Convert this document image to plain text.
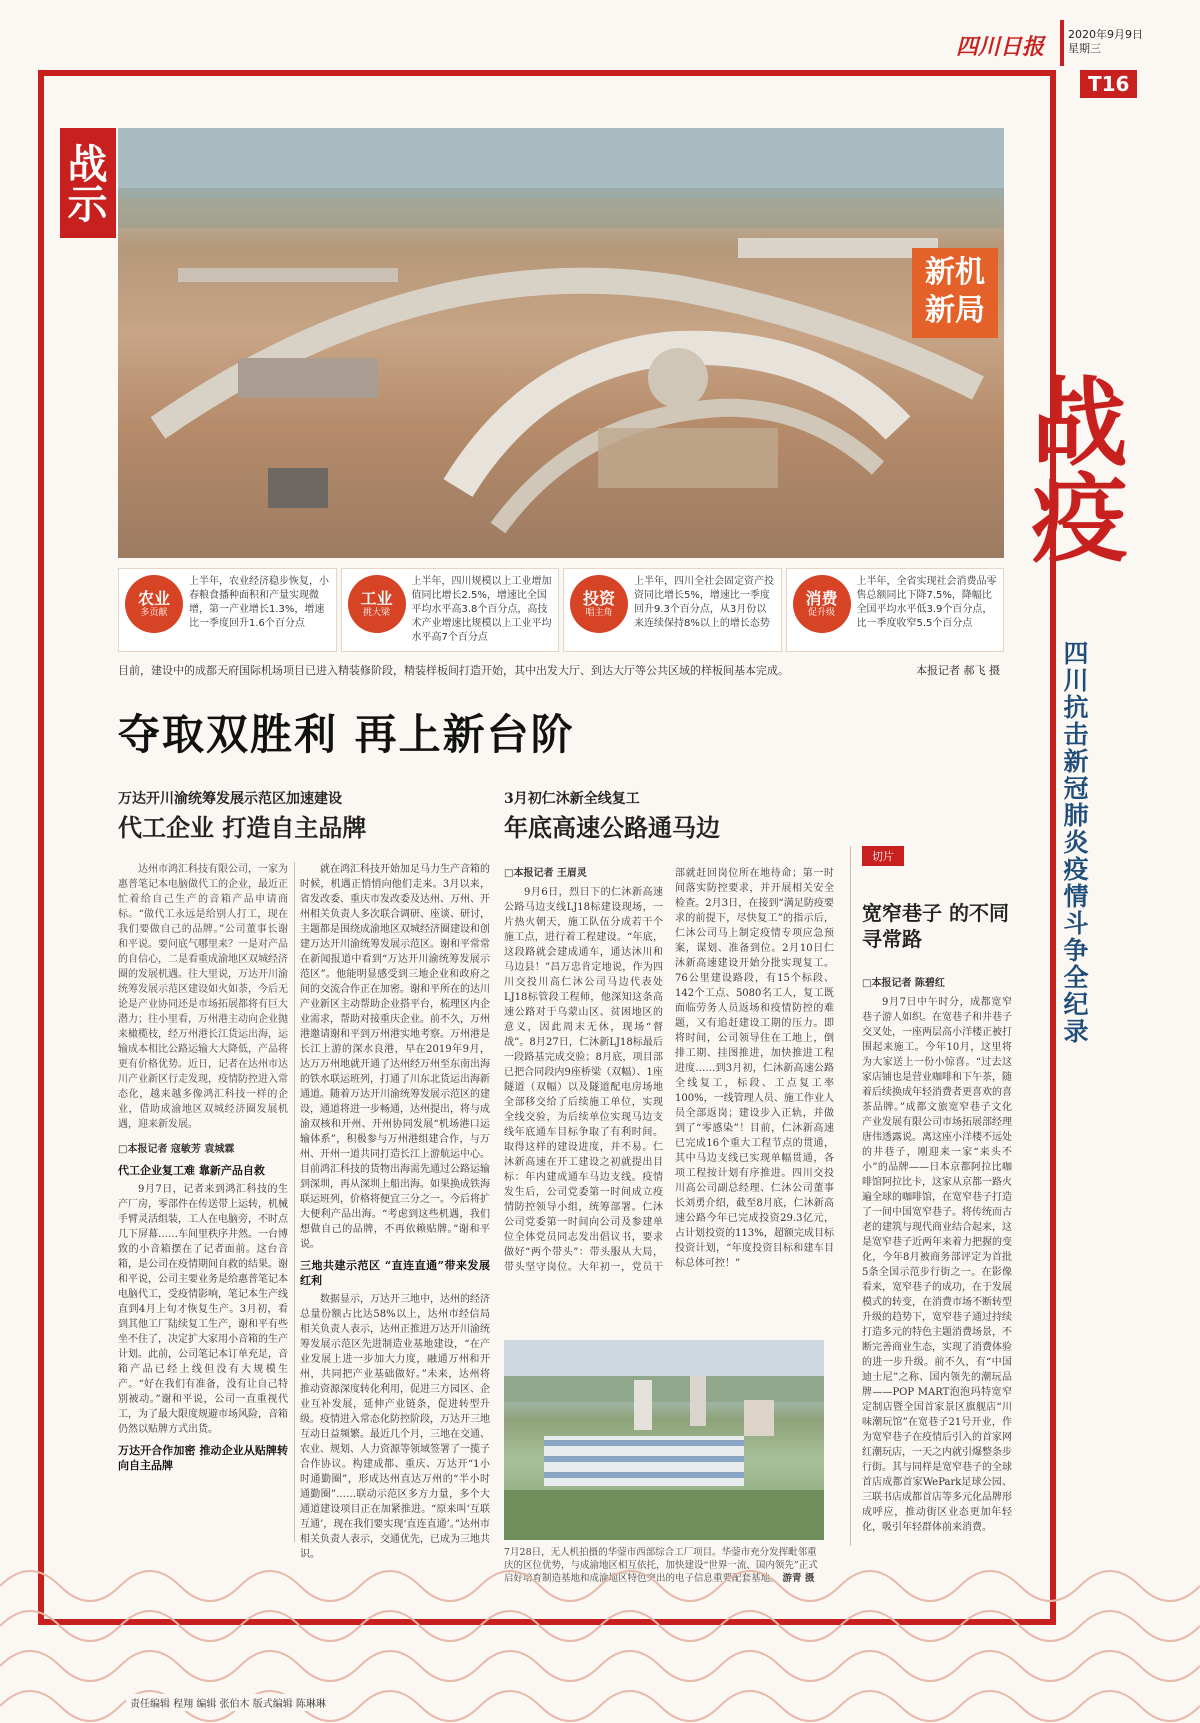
四川日报 2020年9月9日
星期三
T16
战示
新机新局
农业
多贡献
上半年，农业经济稳步恢复，小春粮食播种面积和产量实现微增，第一产业增长1.3%，增速比一季度回升1.6个百分点
工业
挑大梁
上半年，四川规模以上工业增加值同比增长2.5%，增速比全国平均水平高3.8个百分点，高技术产业增速比规模以上工业平均水平高7个百分点
投资
唱主角
上半年，四川全社会固定资产投资同比增长5%，增速比一季度回升9.3个百分点，从3月份以来连续保持8%以上的增长态势
消费
促升级
上半年，全省实现社会消费品零售总额同比下降7.5%，降幅比全国平均水平低3.9个百分点，比一季度收窄5.5个百分点
目前，建设中的成都天府国际机场项目已进入精装修阶段，精装样板间打造开始，其中出发大厅、到达大厅等公共区域的样板间基本完成。	本报记者 郝飞 摄
战疫
四川抗击新冠肺炎疫情斗争全纪录
夺取双胜利 再上新台阶
万达开川渝统筹发展示范区加速建设
代工企业 打造自主品牌

达州市鸿汇科技有限公司，一家为惠普笔记本电脑做代工的企业，最近正忙着给自己生产的音箱产品申请商标。“做代工永远是给别人打工，现在我们要做自己的品牌。”公司董事长谢和平说。要问底气哪里来？一是对产品的自信心，二是看重成渝地区双城经济圈的发展机遇。往大里说，万达开川渝统筹发展示范区建设如火如荼，今后无论是产业协同还是市场拓展都将有巨大潜力；往小里看，万州港主动向企业抛来橄榄枝，经万州港长江货运出海，运输成本相比公路运输大大降低，产品将更有价格优势。近日，记者在达州市达川产业新区行走发现，疫情防控进入常态化，越来越多像鸿汇科技一样的企业，借助成渝地区双城经济圈发展机遇，迎来新发展。

□本报记者 寇敏芳 袁城霖
代工企业复工难 靠新产品自救

9月7日，记者来到鸿汇科技的生产厂房，零部件在传送带上运转，机械手臂灵活组装，工人在电脑旁，不时点几下屏幕……车间里秩序井然。一台博致的小音箱摆在了记者面前。这台音箱，是公司在疫情期间自救的结果。谢和平说，公司主要业务是给惠普笔记本电脑代工，受疫情影响，笔记本生产线直到4月上旬才恢复生产。3月初，看到其他工厂陆续复工生产，谢和平有些坐不住了，决定扩大家用小音箱的生产计划。此前，公司笔记本订单充足，音箱产品已经上线但没有大规模生产。“好在我们有准备，没有让自己特别被动。”谢和平说，公司一直重视代工，为了最大限度规避市场风险，音箱仍然以贴牌方式出货。

万达开合作加密 推动企业从贴牌转向自主品牌

就在鸿汇科技开始加足马力生产音箱的时候，机遇正悄悄向他们走来。3月以来，省发改委、重庆市发改委及达州、万州、开州相关负责人多次联合调研、座谈、研讨，主题都是围绕成渝地区双城经济圈建设和创建万达开川渝统筹发展示范区。谢和平常常在新闻报道中看到“万达开川渝统筹发展示范区”。他能明显感受到三地企业和政府之间的交流合作正在加密。谢和平所在的达川产业新区主动帮助企业搭平台，梳理区内企业需求，帮助对接重庆企业。前不久，万州港邀请谢和平到万州港实地考察。万州港是长江上游的深水良港，早在2019年9月，达万万州地就开通了达州经万州至东南出海的铁水联运班列，打通了川东北货运出海新通道。随着万达开川渝统筹发展示范区的建设，通道将进一步畅通，达州提出，将与成渝双核和开州、开州协同发展“机场港口运输体系”，积极参与万州港组建合作，与万州、开州一道共同打造长江上游航运中心。目前鸿汇科技的货物出海需先通过公路运输到深圳，再从深圳上船出海。如果换成铁海联运班列，价格将便宜三分之一。今后将扩大便利产品出海。“考虑到这些机遇，我们想做自己的品牌，不再依赖贴牌。”谢和平说。

三地共建示范区 “直连直通”带来发展红利

数据显示，万达开三地中，达州的经济总量份额占比达58%以上，达州市经信局相关负责人表示，达州正推进万达开川渝统筹发展示范区先进制造业基地建设，“在产业发展上进一步加大力度，融通万州和开州，共同把产业基础做好。”未来，达州将推动资源深度转化利用，促进三方园区、企业互补发展，延伸产业链条，促进转型升级。疫情进入常态化防控阶段，万达开三地互动日益频繁。最近几个月，三地在交通、农业、规划、人力资源等领域签署了一揽子合作协议。构建成都、重庆、万达开“1小时通勤圈”，形成达州直达万州的“半小时通勤圈”……联动示范区多方力量，多个大通道建设项目正在加紧推进。“原来叫‘互联互通’，现在我们要实现‘直连直通’。”达州市相关负责人表示，交通优先，已成为三地共识。

3月初仁沐新全线复工
年底高速公路通马边
□本报记者 王眉灵

9月6日，烈日下的仁沐新高速公路马边支线LJ18标建设现场，一片热火朝天，施工队伍分成若干个施工点，进行着工程建设。“年底，这段路就会建成通车，通达沐川和马边县！”昌万忠肯定地说，作为四川交投川高仁沐公司马边代表处LJ18标管段工程师，他深知这条高速公路对于乌蒙山区、贫困地区的意义，因此周末无休，现场“督战”。8月27日，仁沐新LJ18标最后一段路基完成交验；8月底，项目部已把合同段内9座桥梁（双幅）、1座隧道（双幅）以及隧道配电房场地全部移交给了后续施工单位，实现全线交验，为后续单位实现马边支线年底通车目标争取了有利时间。取得这样的建设进度，并不易。仁沐新高速在开工建设之初就提出目标：年内建成通车马边支线。疫情发生后，公司党委第一时间成立疫情防控领导小组，统筹部署。仁沐公司党委第一时间向公司及参建单位全体党员同志发出倡议书，要求做好“两个带头”：带头服从大局，带头坚守岗位。大年初一，党员干部就赶回岗位所在地待命；第一时间落实防控要求，并开展相关安全检查。2月3日，在接到“满足防疫要求的前提下，尽快复工”的指示后，仁沐公司马上制定疫情专项应急预案，谋划、准备到位。2月10日仁沐新高速建设开始分批实现复工。76公里建设路段，有15个标段、142个工点、5080名工人，复工既面临劳务人员返场和疫情防控的难题，又有追赶建设工期的压力。即将时间，公司领导住在工地上，倒排工期、挂图推进，加快推进工程进度……到3月初，仁沐新高速公路全线复工，标段、工点复工率100%，一线管理人员、施工作业人员全部返岗；建设步入正轨，并做到了“零感染”！目前，仁沐新高速已完成16个重大工程节点的贯通，其中马边支线已实现单幅贯通，各项工程按计划有序推进。四川交投川高公司副总经理、仁沐公司董事长刘勇介绍，截至8月底，仁沐新高速公路今年已完成投资29.3亿元，占计划投资的113%，超额完成目标投资计划，“年度投资目标和建车目标总体可控！”

7月28日，无人机拍摄的华蓥市西部综合工厂项目。华蓥市充分发挥毗邻重庆的区位优势，与成渝地区相互依托，加快建设“世界一流、国内领先”正式启好培育制造基地和成渝地区特色突出的电子信息重要配套基地。 游青 摄
切片
宽窄巷子 的不同寻常路
□本报记者 陈碧红

9月7日中午时分，成都宽窄巷子游人如织。在宽巷子和井巷子交叉处，一座两层高小洋楼正被打围起来施工。今年10月，这里将为大家送上一份小惊喜。“过去这家店铺也是营业咖啡和下午茶，随着后续换成年轻消费者更喜欢的喜茶品牌。”成都文旅宽窄巷子文化产业发展有限公司市场拓展部经理唐伟透露说。离这座小洋楼不远处的井巷子，刚迎来一家“来头不小”的品牌——日本京都阿拉比咖啡馆阿拉比卡，这家从京都一路火遍全球的咖啡馆，在宽窄巷子打造了一间中国宽窄巷子。将传统而古老的建筑与现代商业结合起来，这是宽窄巷子近两年来着力把握的变化，今年8月被商务部评定为首批5条全国示范步行街之一。在影像看来，宽窄巷子的成功，在于发展模式的转变，在消费市场不断转型升级的趋势下，宽窄巷子通过持续打造多元的特色主题消费场景，不断完善商业生态，实现了消费体验的进一步升级。前不久，有“中国迪士尼”之称、国内领先的潮玩品牌——POP MART泡泡玛特宽窄定制店暨全国首家景区旗舰店“川味潮玩馆”在宽巷子21号开业，作为宽窄巷子在疫情后引入的首家网红潮玩店，一天之内就引爆整条步行街。其与同样是宽窄巷子的全球首店成都首家WePark足球公园、三联书店成都首店等多元化品牌形成呼应，推动街区业态更加年轻化，吸引年轻群体前来消费。

责任编辑 程翔 编辑 张伯木 版式编辑 陈琳琳
